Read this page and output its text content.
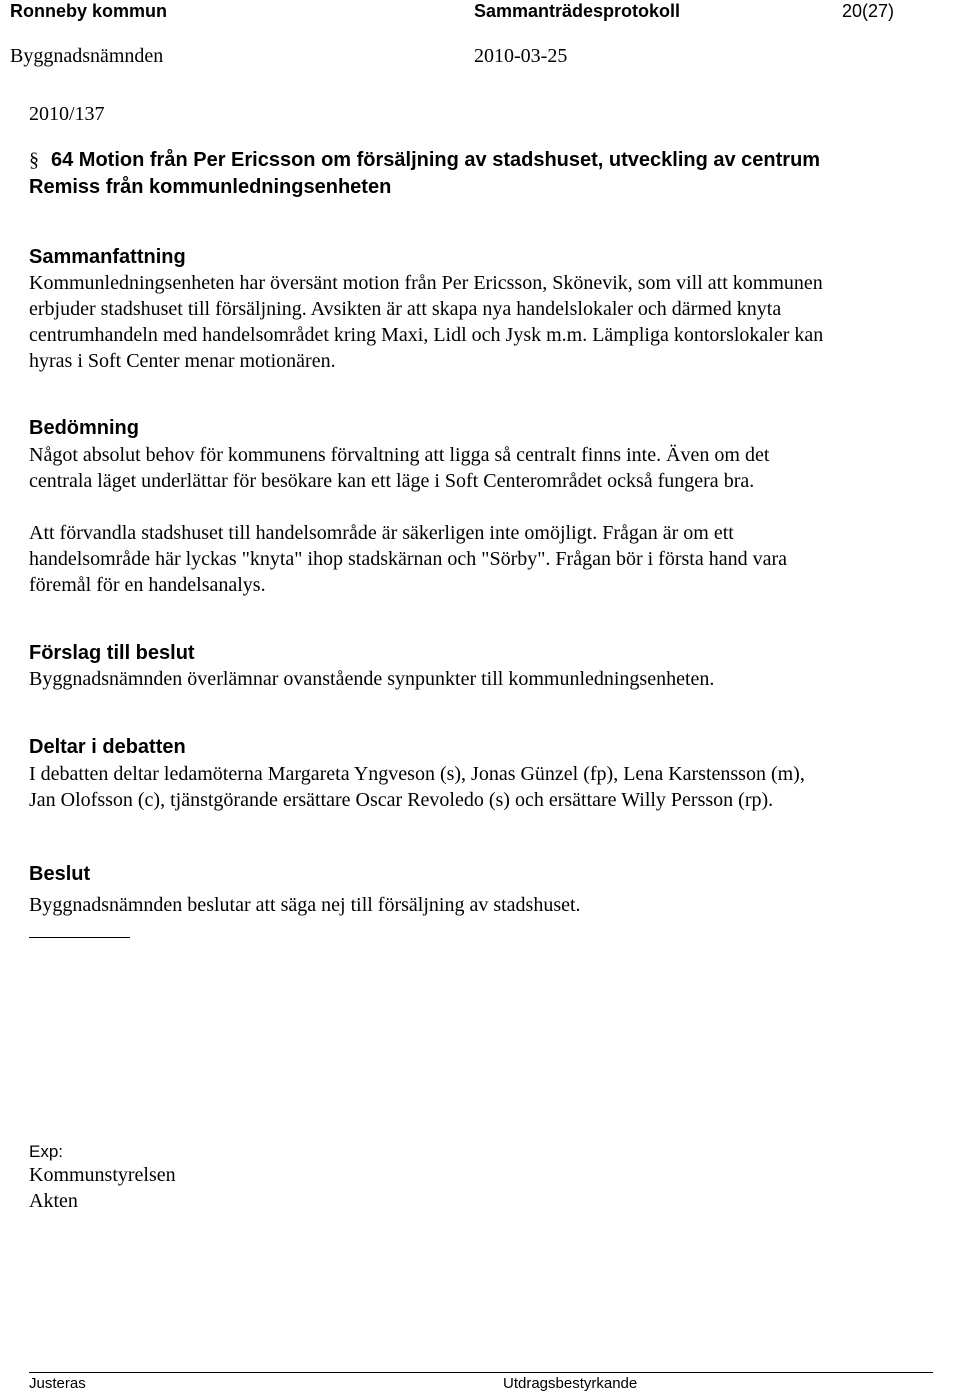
Ronneby kommun	Sammanträdesprotokoll	20(27)
Byggnadsnämnden	2010-03-25
2010/137
§ 64 Motion från Per Ericsson om försäljning av stadshuset, utveckling av centrum
Remiss från kommunledningsenheten
Sammanfattning
Kommunledningsenheten har översänt motion från Per Ericsson, Skönevik, som vill att kommunen
erbjuder stadshuset till försäljning. Avsikten är att skapa nya handelslokaler och därmed knyta
centrumhandeln med handelsområdet kring Maxi, Lidl och Jysk m.m. Lämpliga kontorslokaler kan
hyras i Soft Center menar motionären.
Bedömning
Något absolut behov för kommunens förvaltning att ligga så centralt finns inte. Även om det
centrala läget underlättar för besökare kan ett läge i Soft Centerområdet också fungera bra.
Att förvandla stadshuset till handelsområde är säkerligen inte omöjligt. Frågan är om ett
handelsområde här lyckas "knyta" ihop stadskärnan och "Sörby". Frågan bör i första hand vara
föremål för en handelsanalys.
Förslag till beslut
Byggnadsnämnden överlämnar ovanstående synpunkter till kommunledningsenheten.
Deltar i debatten
I debatten deltar ledamöterna Margareta Yngveson (s), Jonas Günzel (fp), Lena Karstensson (m),
Jan Olofsson (c), tjänstgörande ersättare Oscar Revoledo (s) och ersättare Willy Persson (rp).
Beslut
Byggnadsnämnden beslutar att säga nej till försäljning av stadshuset.
Exp:
Kommunstyrelsen
Akten
Justeras	Utdragsbestyrkande
